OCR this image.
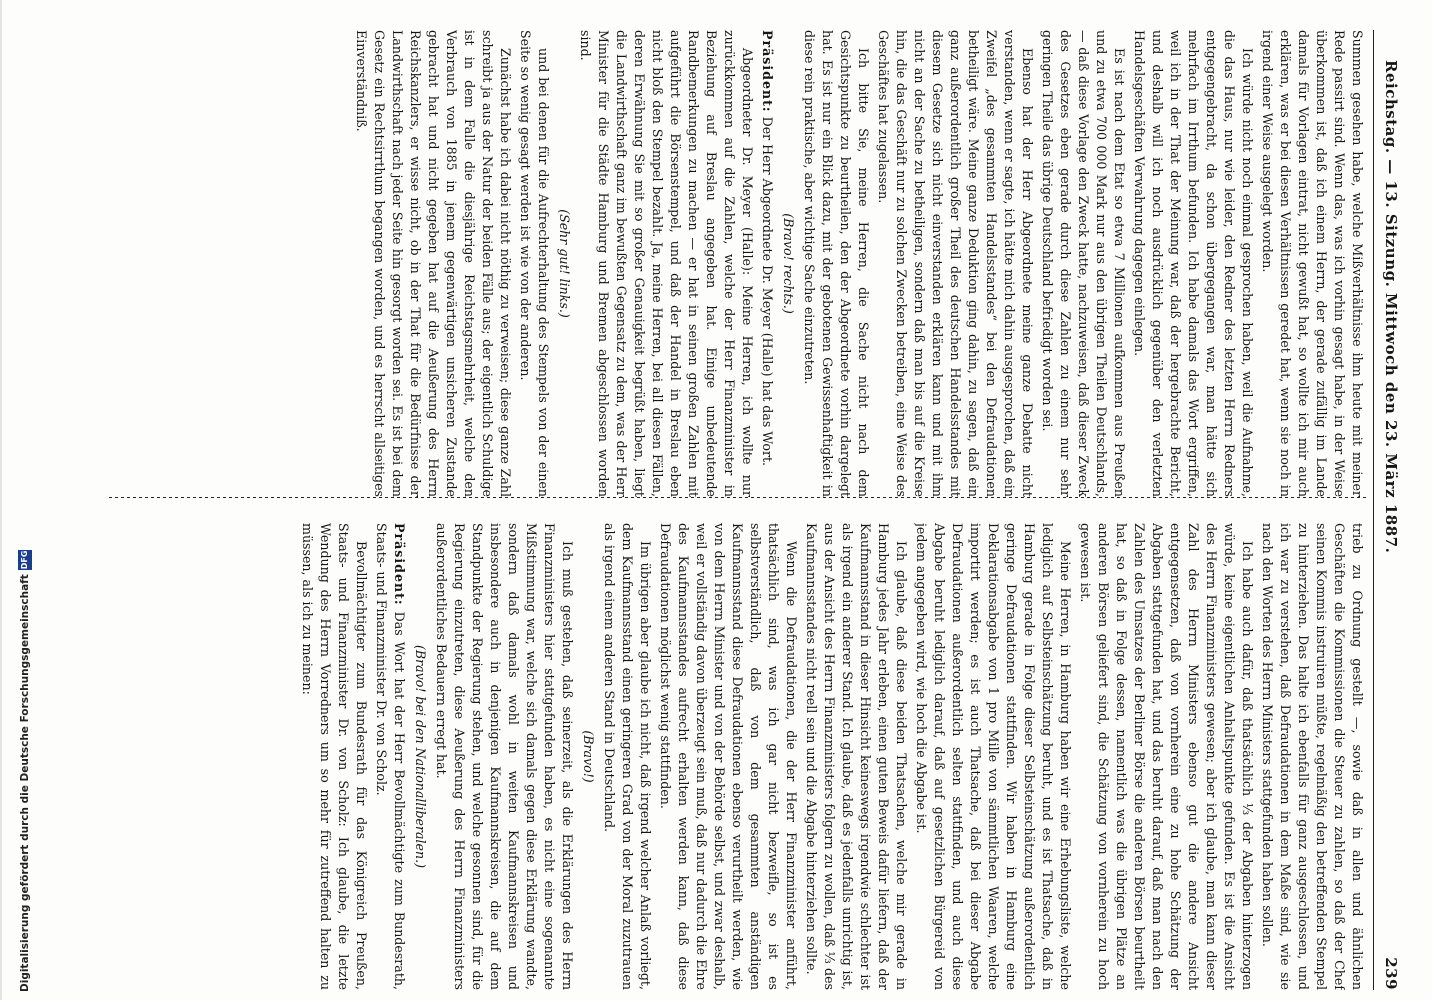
Reichstag. — 13. Sitzung. Mittwoch den 23. März 1887.
239

Summen gesehen habe, welche Mißverhältnisse ihm heute mit meiner Rede passirt sind. Wenn das, was ich vorhin gesagt habe, in der Weise überkommen ist, daß ich einem Herrn, der gerade zufällig im Lande damals für Vorlagen eintrat, nicht gewußt hat, so wollte ich mir auch erklären, was er bei diesen Verhältnissen geredet hat, wenn sie noch in irgend einer Weise ausgelegt worden.

Ich würde nicht noch einmal gesprochen haben, weil die Aufnahme, die das Haus, nur wie leider, den Redner des letzten Herrn Redners entgegengebracht, da schon übergegangen war, man hätte sich mehrfach im Irrthum befunden. Ich habe damals das Wort ergriffen, weil ich in der That der Meinung war, daß der hergebrachte Bericht, und deshalb will ich noch ausdrücklich gegenüber den verletzten Handelsgeschäften Verwahrung dagegen einlegen.

Es ist nach dem Etat so etwa 7 Millionen aufkommen aus Preußen und zu etwa 700 000 Mark nur aus den übrigen Theilen Deutschlands, — daß diese Vorlage den Zweck hatte, nachzuweisen, daß dieser Zweck des Gesetzes eben gerade durch diese Zahlen zu einem nur sehr geringen Theile das übrige Deutschland befriedigt worden sei.

Ebenso hat der Herr Abgeordnete meine ganze Debatte nicht verstanden, wenn er sagte, ich hätte mich dahin ausgesprochen, daß ein Zweifel „des gesammten Handelsstandes“ bei den Defraudationen betheiligt wäre. Meine ganze Deduktion ging dahin, zu sagen, daß ein ganz außerordentlich großer Theil des deutschen Handelsstandes mit diesem Gesetze sich nicht einverstanden erklären kann und mit ihm nicht an der Sache zu betheiligen, sondern daß man bis auf die Kreise hin, die das Geschäft nur zu solchen Zwecken betreiben, eine Weise des Geschäftes hat zugelassen.

Ich bitte Sie, meine Herren, die Sache nicht nach dem Gesichtspunkte zu beurtheilen, den der Abgeordnete vorhin dargelegt hat. Es ist nur ein Blick dazu, mit der gebotenen Gewissenhaftigkeit in diese rein praktische, aber wichtige Sache einzutreten.

(Bravo! rechts.)

Präsident: Der Herr Abgeordnete Dr. Meyer (Halle) hat das Wort.

Abgeordneter Dr. Meyer (Halle): Meine Herren, ich wollte nur zurückkommen auf die Zahlen, welche der Herr Finanzminister in Beziehung auf Breslau angegeben hat. Einige unbedeutende Randbemerkungen zu machen — er hat in seinen großen Zahlen mit aufgeführt die Börsenstempel, und daß der Handel in Breslau eben nicht bloß den Stempel bezahlt. Ja, meine Herren, bei all diesen Fällen, deren Erwähnung Sie mit so großer Genauigkeit begrüßt haben, liegt die Landwirthschaft ganz im bewußten Gegensatz zu dem, was der Herr Minister für die Städte Hamburg und Bremen abgeschlossen worden sind.

(Sehr gut! links.)

und bei denen für die Aufrechterhaltung des Stempels von der einen Seite so wenig gesagt werden ist wie von der anderen.

Zunächst habe ich dabei nicht nöthig zu verweisen; diese ganze Zahl schreibt ja aus der Natur der beiden Fälle aus; der eigentlich Schuldige ist in dem Falle die diesjährige Reichstagsmehrheit, welche den Verbrauch von 1885 in jenem gegenwärtigen unsicheren Zustande gebracht hat und nicht gegeben hat auf die Aeußerung des Herrn Reichskanzlers, er wisse nicht, ob in der That für die Bedürfnisse der Landwirthschaft nach jeder Seite hin gesorgt worden sei. Es ist bei dem Gesetz ein Rechtsirrthum begangen worden, und es herrscht allseitiges Einverständniß.

trieb zu Ordnung gestellt —, sowie daß in allen und ähnlichen Geschäften die Kommissionen die Steuer zu zahlen, so daß der Chef seinen Kommis instruiren müßte, regelmäßig den betreffenden Stempel zu hinterziehen. Das halte ich ebenfalls für ganz ausgeschlossen, und ich war zu verstehen, daß Defraudationen in dem Maße sind, wie sie nach den Worten des Herrn Ministers stattgefunden haben sollen.

Ich habe auch dafür, daß thatsächlich ⅓ der Abgaben hinterzogen würde, keine eigentlichen Anhaltspunkte gefunden. Es ist die Ansicht des Herrn Finanzministers gewesen; aber ich glaube, man kann dieser Zahl des Herrn Ministers ebenso gut die andere Ansicht entgegensetzen, daß von vornherein eine zu hohe Schätzung der Abgaben stattgefunden hat, und das beruht darauf, daß man nach den Zahlen des Umsatzes der Berliner Börse die anderen Börsen beurtheilt hat, so daß in Folge dessen, namentlich was die übrigen Plätze an anderen Börsen geliefert sind, die Schätzung von vornherein zu hoch gewesen ist.

Meine Herren, in Hamburg haben wir eine Erhebungsliste, welche lediglich auf Selbsteinschätzung beruht, und es ist Thatsache, daß in Hamburg gerade in Folge dieser Selbsteinschätzung außerordentlich geringe Defraudationen stattfinden. Wir haben in Hamburg eine Deklarationsabgabe von 1 pro Mille von sämmtlichen Waaren, welche importirt werden; es ist auch Thatsache, daß bei dieser Abgabe Defraudationen außerordentlich selten stattfinden, und auch diese Abgabe beruht lediglich darauf, daß auf gesetzlichen Bürgereid von jedem angegeben wird, wie hoch die Abgabe ist.

Ich glaube, daß diese beiden Thatsachen, welche mir gerade in Hamburg jedes Jahr erleben, einen guten Beweis dafür liefern, daß der Kaufmannsstand in dieser Hinsicht keineswegs irgendwie schlechter ist als irgend ein anderer Stand. Ich glaube, daß es jedenfalls unrichtig ist, aus der Ansicht des Herrn Finanzministers folgern zu wollen, daß ⅓ des Kaufmannsstandes nicht reell sein und die Abgabe hinterziehen sollte.

Wenn die Defraudationen, die der Herr Finanzminister anführt, thatsächlich sind, was ich gar nicht bezweifle, so ist es selbstverständlich, daß von dem gesammten anständigen Kaufmannsstand diese Defraudationen ebenso verurtheilt werden, wie von dem Herrn Minister und von der Behörde selbst, und zwar deshalb, weil er vollständig davon überzeugt sein muß, daß nur dadurch die Ehre des Kaufmannsstandes aufrecht erhalten werden kann, daß diese Defraudationen möglichst wenig stattfinden.

Im übrigen aber glaube ich nicht, daß irgend welcher Anlaß vorliegt, dem Kaufmannsstand einen geringeren Grad von der Moral zuzutrauen als irgend einem anderen Stand in Deutschland.

(Bravo!)

Ich muß gestehen, daß seinerzeit, als die Erklärungen des Herrn Finanzministers hier stattgefunden haben, es nicht eine sogenannte Mißstimmung war, welche sich damals gegen diese Erklärung wandte, sondern daß damals wohl in weiten Kaufmannskreisen und insbesondere auch in denjenigen Kaufmannskreisen, die auf dem Standpunkte der Regierung stehen, und welche gesonnen sind, für die Regierung einzutreten, diese Aeußerung des Herrn Finanzministers außerordentliches Bedauern erregt hat.

(Bravo! bei den Nationalliberalen.)

Präsident: Das Wort hat der Herr Bevollmächtigte zum Bundesrath, Staats- und Finanzminister Dr. von Scholz.

Bevollmächtigter zum Bundesrath für das Königreich Preußen, Staats- und Finanzminister Dr. von Scholz: Ich glaube, die letzte Wendung des Herrn Vorredners um so mehr für zutreffend halten zu müssen, als ich zu meinen:

Digitalisierung gefördert durch die Deutsche Forschungsgemeinschaft
DFG
